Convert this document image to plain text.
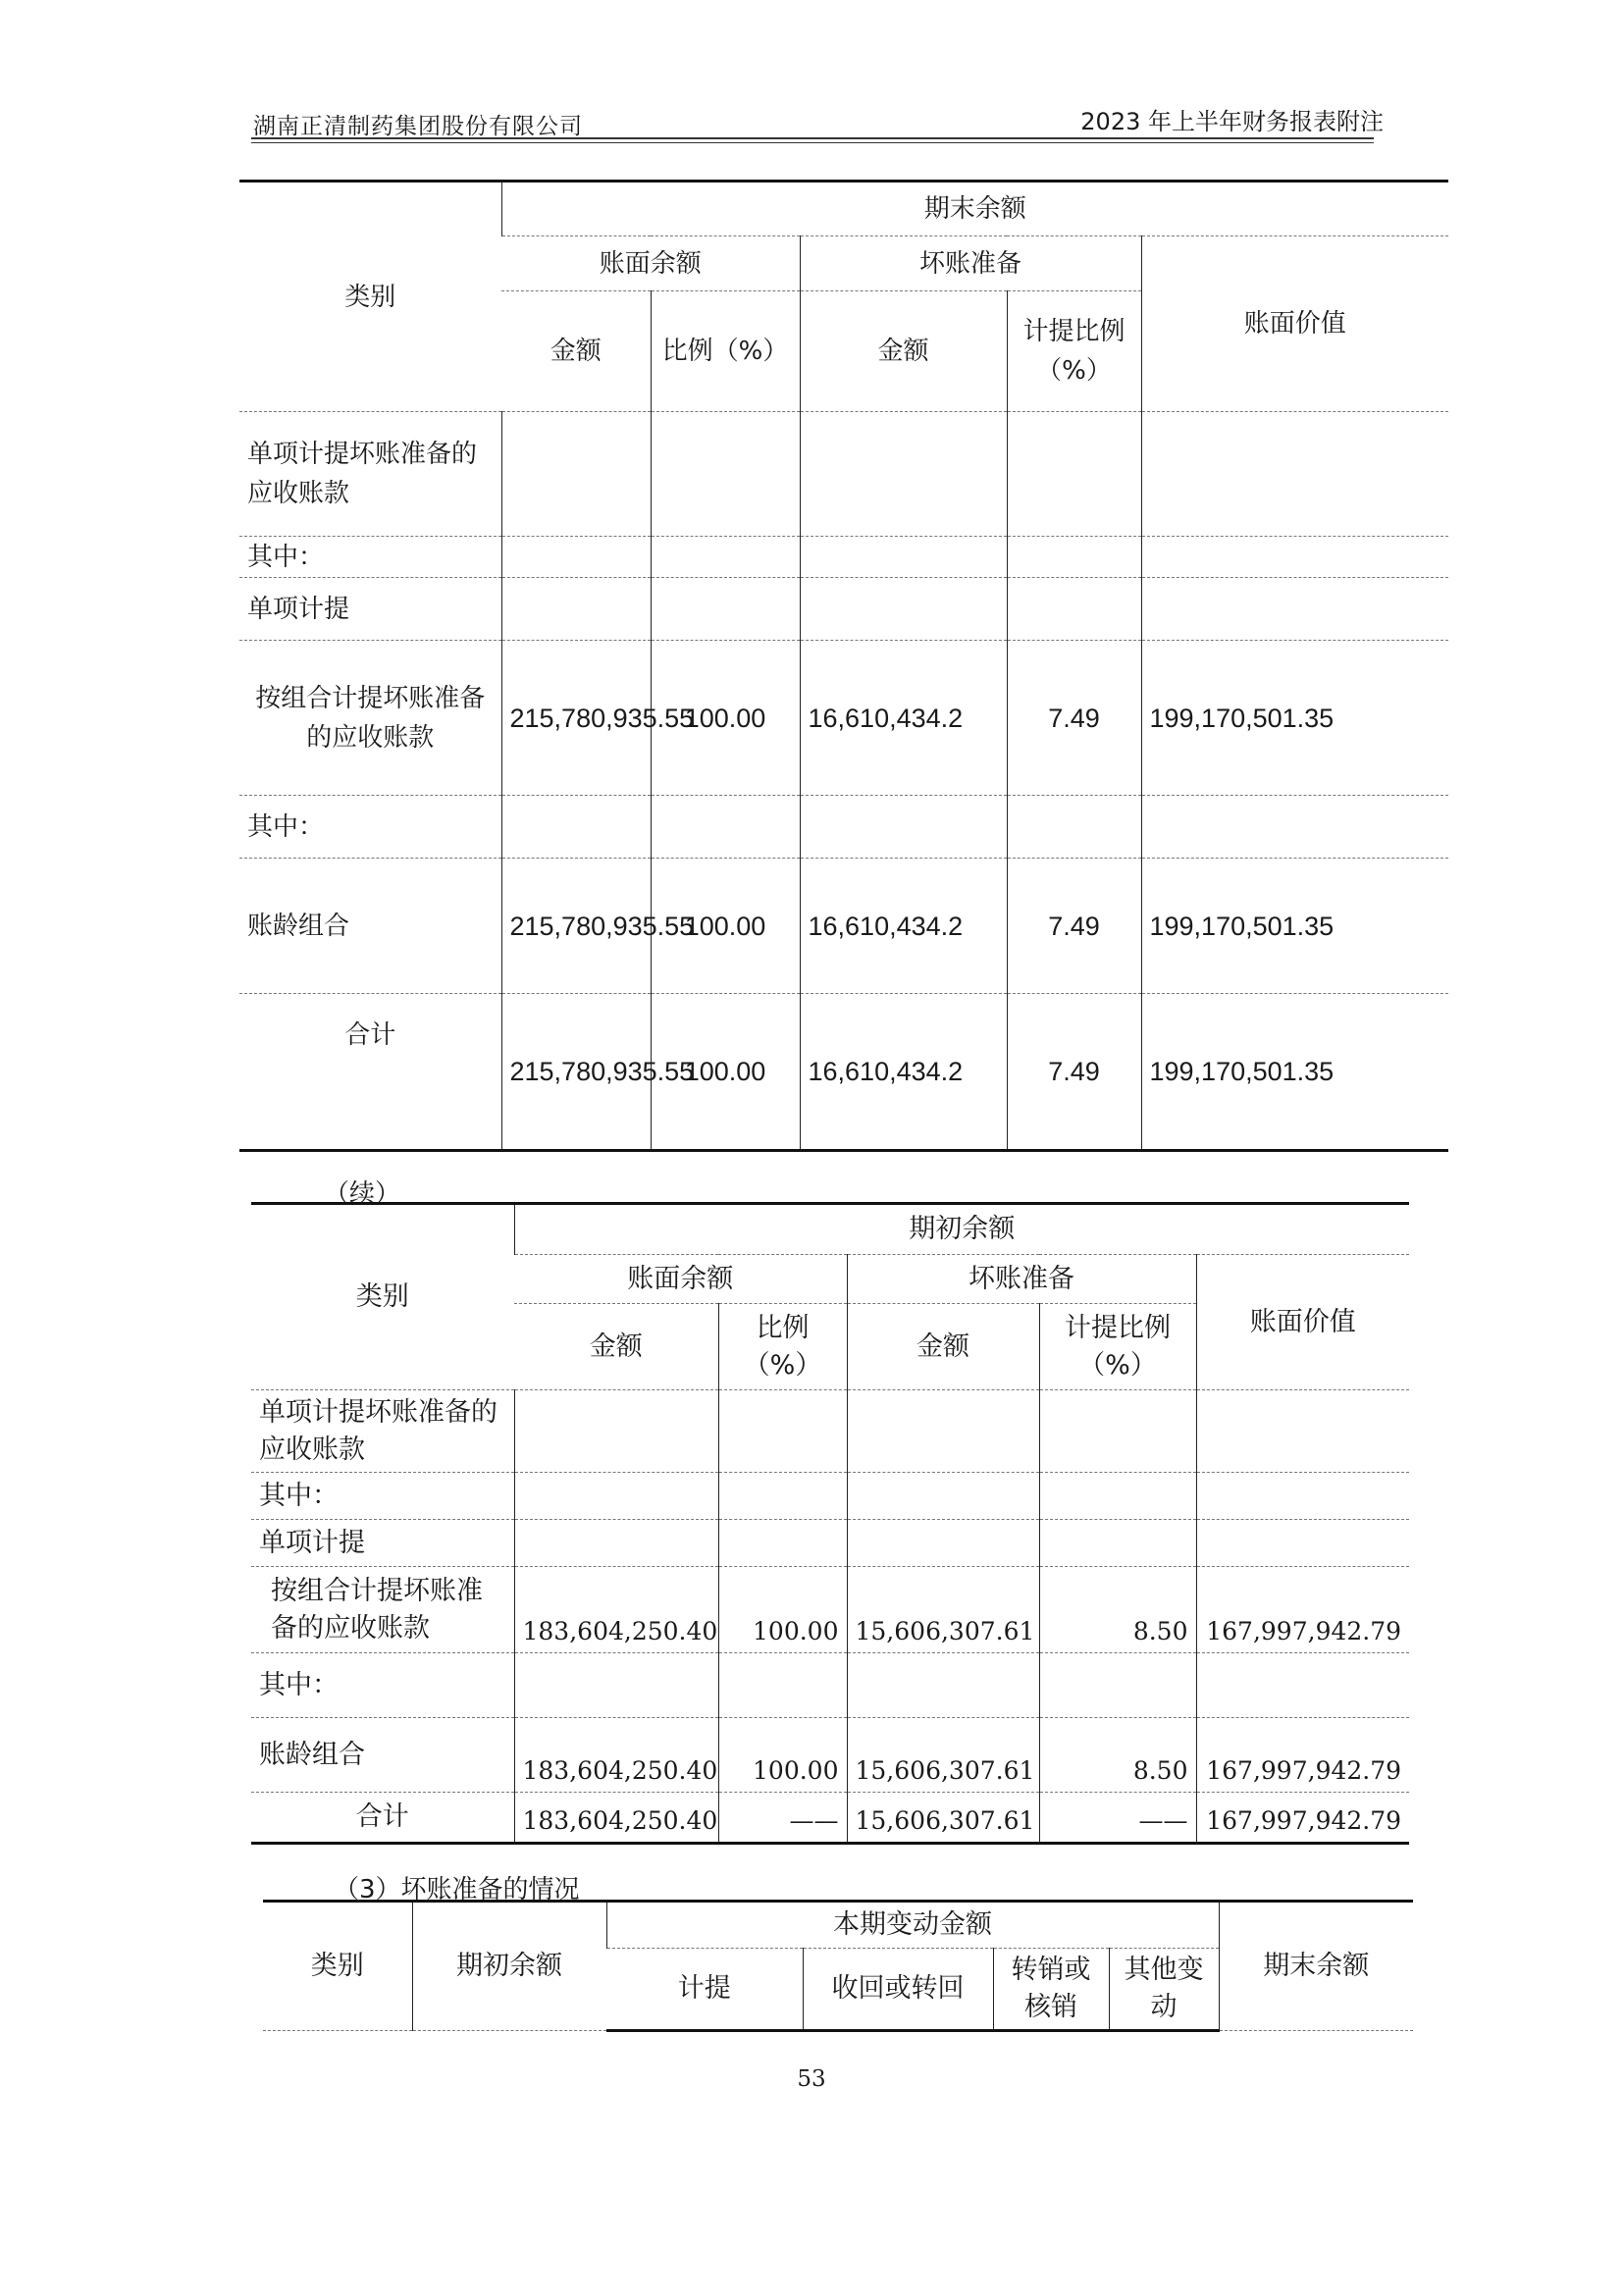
湖南正清制药集团股份有限公司	2023 年上半年财务报表附注
类别	期末余额				
	账面余额		坏账准备		账面价值
	金额	比例（%）	金额	计提比例（%）	
单项计提坏账准备的应收账款					
其中：					
单项计提					
按组合计提坏账准备的应收账款	215,780,935.55	100.00	16,610,434.2	7.49	199,170,501.35
其中：					
账龄组合	215,780,935.55	100.00	16,610,434.2	7.49	199,170,501.35
合计	215,780,935.55	100.00	16,610,434.2	7.49	199,170,501.35
（续）
类别	期初余额				
	账面余额		坏账准备		账面价值
	金额	比例（%）	金额	计提比例（%）	
单项计提坏账准备的应收账款					
其中：					
单项计提					
按组合计提坏账准备的应收账款	183,604,250.40	100.00	15,606,307.61	8.50	167,997,942.79
其中：					
账龄组合	183,604,250.40	100.00	15,606,307.61	8.50	167,997,942.79
合计	183,604,250.40	——	15,606,307.61	——	167,997,942.79
（3）坏账准备的情况
类别	期初余额	本期变动金额				期末余额
		计提	收回或转回	转销或核销	其他变动	
53
